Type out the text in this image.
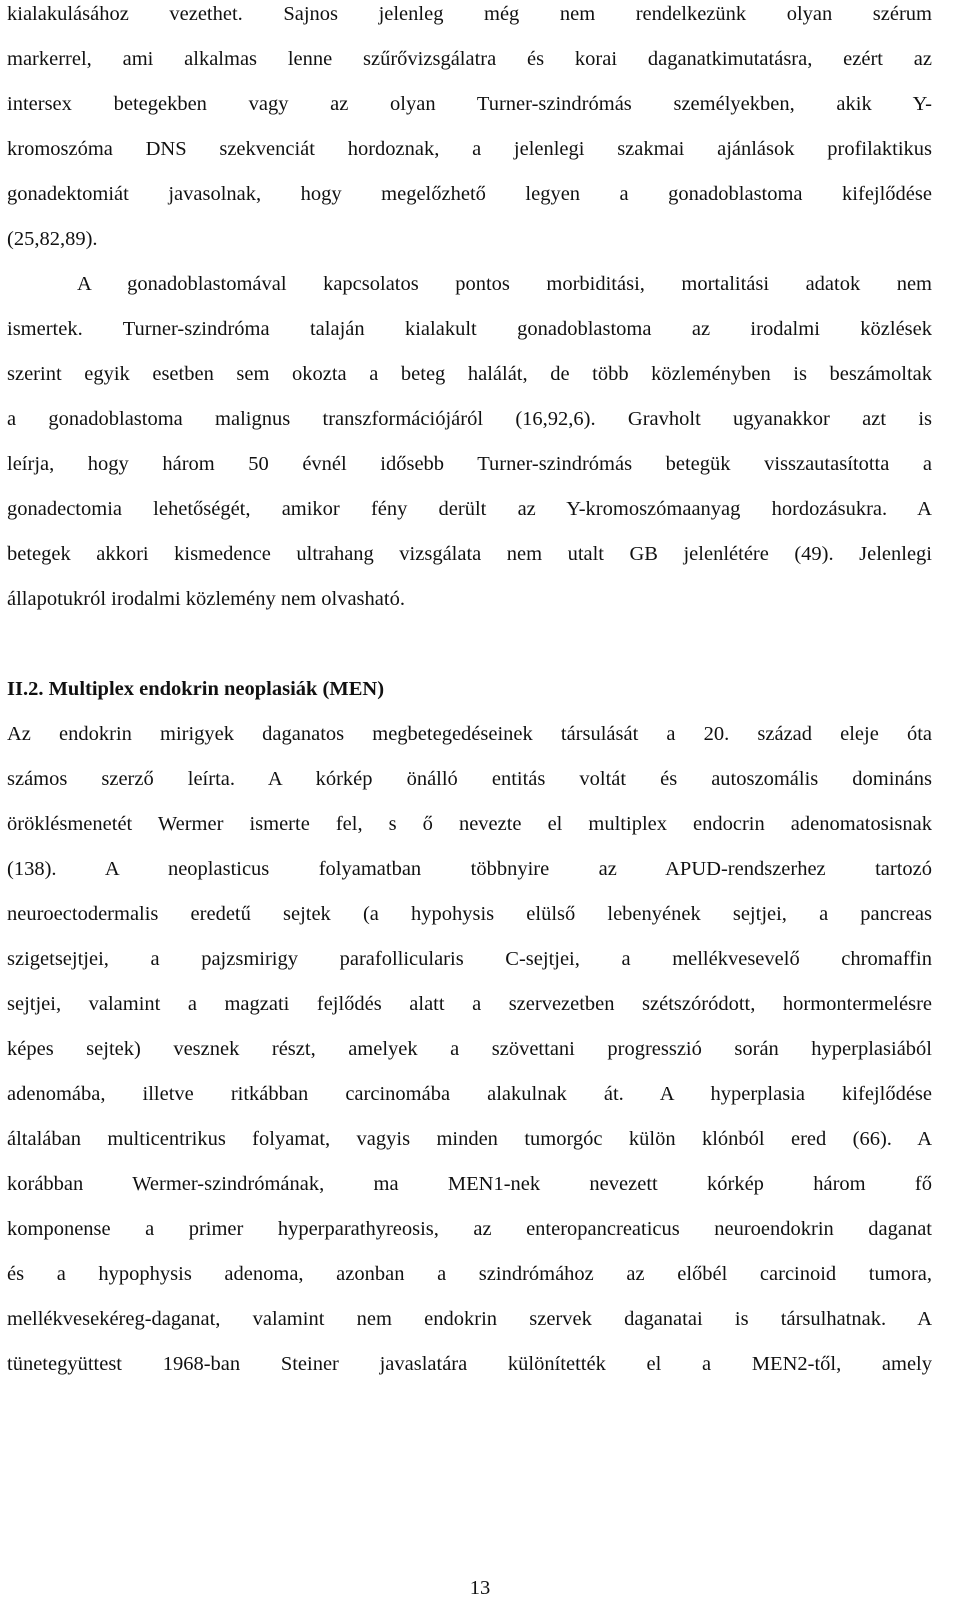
kialakulásához vezethet. Sajnos jelenleg még nem rendelkezünk olyan szérum
markerrel, ami alkalmas lenne szűrővizsgálatra és korai daganatkimutatásra, ezért az
intersex betegekben vagy az olyan Turner-szindrómás személyekben, akik Y-
kromoszóma DNS szekvenciát hordoznak, a jelenlegi szakmai ajánlások profilaktikus
gonadektomiát javasolnak, hogy megelőzhető legyen a gonadoblastoma kifejlődése
(25,82,89).
A gonadoblastomával kapcsolatos pontos morbiditási, mortalitási adatok nem
ismertek. Turner-szindróma talaján kialakult gonadoblastoma az irodalmi közlések
szerint egyik esetben sem okozta a beteg halálát, de több közleményben is beszámoltak
a gonadoblastoma malignus transzformációjáról (16,92,6). Gravholt ugyanakkor azt is
leírja, hogy három 50 évnél idősebb Turner-szindrómás betegük visszautasította a
gonadectomia lehetőségét, amikor fény derült az Y-kromoszómaanyag hordozásukra. A
betegek akkori kismedence ultrahang vizsgálata nem utalt GB jelenlétére (49). Jelenlegi
állapotukról irodalmi közlemény nem olvasható.
II.2. Multiplex endokrin neoplasiák (MEN)
Az endokrin mirigyek daganatos megbetegedéseinek társulását a 20. század eleje óta
számos szerző leírta. A kórkép önálló entitás voltát és autoszomális domináns
öröklésmenetét Wermer ismerte fel, s ő nevezte el multiplex endocrin adenomatosisnak
(138). A neoplasticus folyamatban többnyire az APUD-rendszerhez tartozó
neuroectodermalis eredetű sejtek (a hypohysis elülső lebenyének sejtjei, a pancreas
szigetsejtjei, a pajzsmirigy parafollicularis C-sejtjei, a mellékvesevelő chromaffin
sejtjei, valamint a magzati fejlődés alatt a szervezetben szétszóródott, hormontermelésre
képes sejtek) vesznek részt, amelyek a szövettani progresszió során hyperplasiából
adenomába, illetve ritkábban carcinomába alakulnak át. A hyperplasia kifejlődése
általában multicentrikus folyamat, vagyis minden tumorgóc külön klónból ered (66). A
korábban Wermer-szindrómának, ma MEN1-nek nevezett kórkép három fő
komponense a primer hyperparathyreosis, az enteropancreaticus neuroendokrin daganat
és a hypophysis adenoma, azonban a szindrómához az előbél carcinoid tumora,
mellékvesekéreg-daganat, valamint nem endokrin szervek daganatai is társulhatnak. A
tünetegyüttest 1968-ban Steiner javaslatára különítették el a MEN2-től, amely
13
